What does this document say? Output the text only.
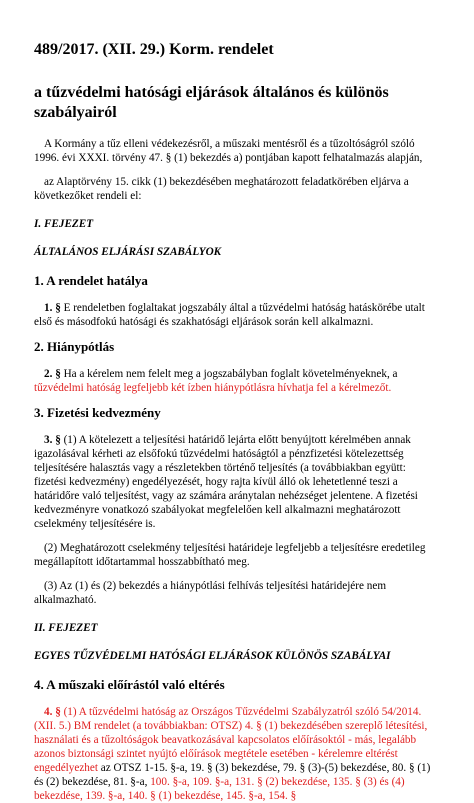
489/2017. (XII. 29.) Korm. rendelet
a tűzvédelmi hatósági eljárások általános és különös szabályairól

A Kormány a tűz elleni védekezésről, a műszaki mentésről és a tűzoltóságról szóló 1996. évi XXXI. törvény 47. § (1) bekezdés a) pontjában kapott felhatalmazás alapján,

az Alaptörvény 15. cikk (1) bekezdésében meghatározott feladatkörében eljárva a következőket rendeli el:

I. FEJEZET
ÁLTALÁNOS ELJÁRÁSI SZABÁLYOK
1. A rendelet hatálya

1. § E rendeletben foglaltakat jogszabály által a tűzvédelmi hatóság hatáskörébe utalt első és másodfokú hatósági és szakhatósági eljárások során kell alkalmazni.

2. Hiánypótlás

2. § Ha a kérelem nem felelt meg a jogszabályban foglalt követelményeknek, a tűzvédelmi hatóság legfeljebb két ízben hiánypótlásra hívhatja fel a kérelmezőt.

3. Fizetési kedvezmény

3. § (1) A kötelezett a teljesítési határidő lejárta előtt benyújtott kérelmében annak igazolásával kérheti az elsőfokú tűzvédelmi hatóságtól a pénzfizetési kötelezettség teljesítésére halasztás vagy a részletekben történő teljesítés (a továbbiakban együtt: fizetési kedvezmény) engedélyezését, hogy rajta kívül álló ok lehetetlenné teszi a határidőre való teljesítést, vagy az számára aránytalan nehézséget jelentene. A fizetési kedvezményre vonatkozó szabályokat megfelelően kell alkalmazni meghatározott cselekmény teljesítésére is.

(2) Meghatározott cselekmény teljesítési határideje legfeljebb a teljesítésre eredetileg megállapított időtartammal hosszabbítható meg.

(3) Az (1) és (2) bekezdés a hiánypótlási felhívás teljesítési határidejére nem alkalmazható.

II. FEJEZET
EGYES TŰZVÉDELMI HATÓSÁGI ELJÁRÁSOK KÜLÖNÖS SZABÁLYAI
4. A műszaki előírástól való eltérés

4. § (1) A tűzvédelmi hatóság az Országos Tűzvédelmi Szabályzatról szóló 54/2014. (XII. 5.) BM rendelet (a továbbiakban: OTSZ) 4. § (1) bekezdésében szereplő létesítési, használati és a tűzoltóságok beavatkozásával kapcsolatos előírásoktól - más, legalább azonos biztonsági szintet nyújtó előírások megtétele esetében - kérelemre eltérést engedélyezhet az OTSZ 1-15. §-a, 19. § (3) bekezdése, 79. § (3)-(5) bekezdése, 80. § (1) és (2) bekezdése, 81. §-a, 100. §-a, 109. §-a, 131. § (2) bekezdése, 135. § (3) és (4) bekezdése, 139. §-a, 140. § (1) bekezdése, 145. §-a, 154. §
